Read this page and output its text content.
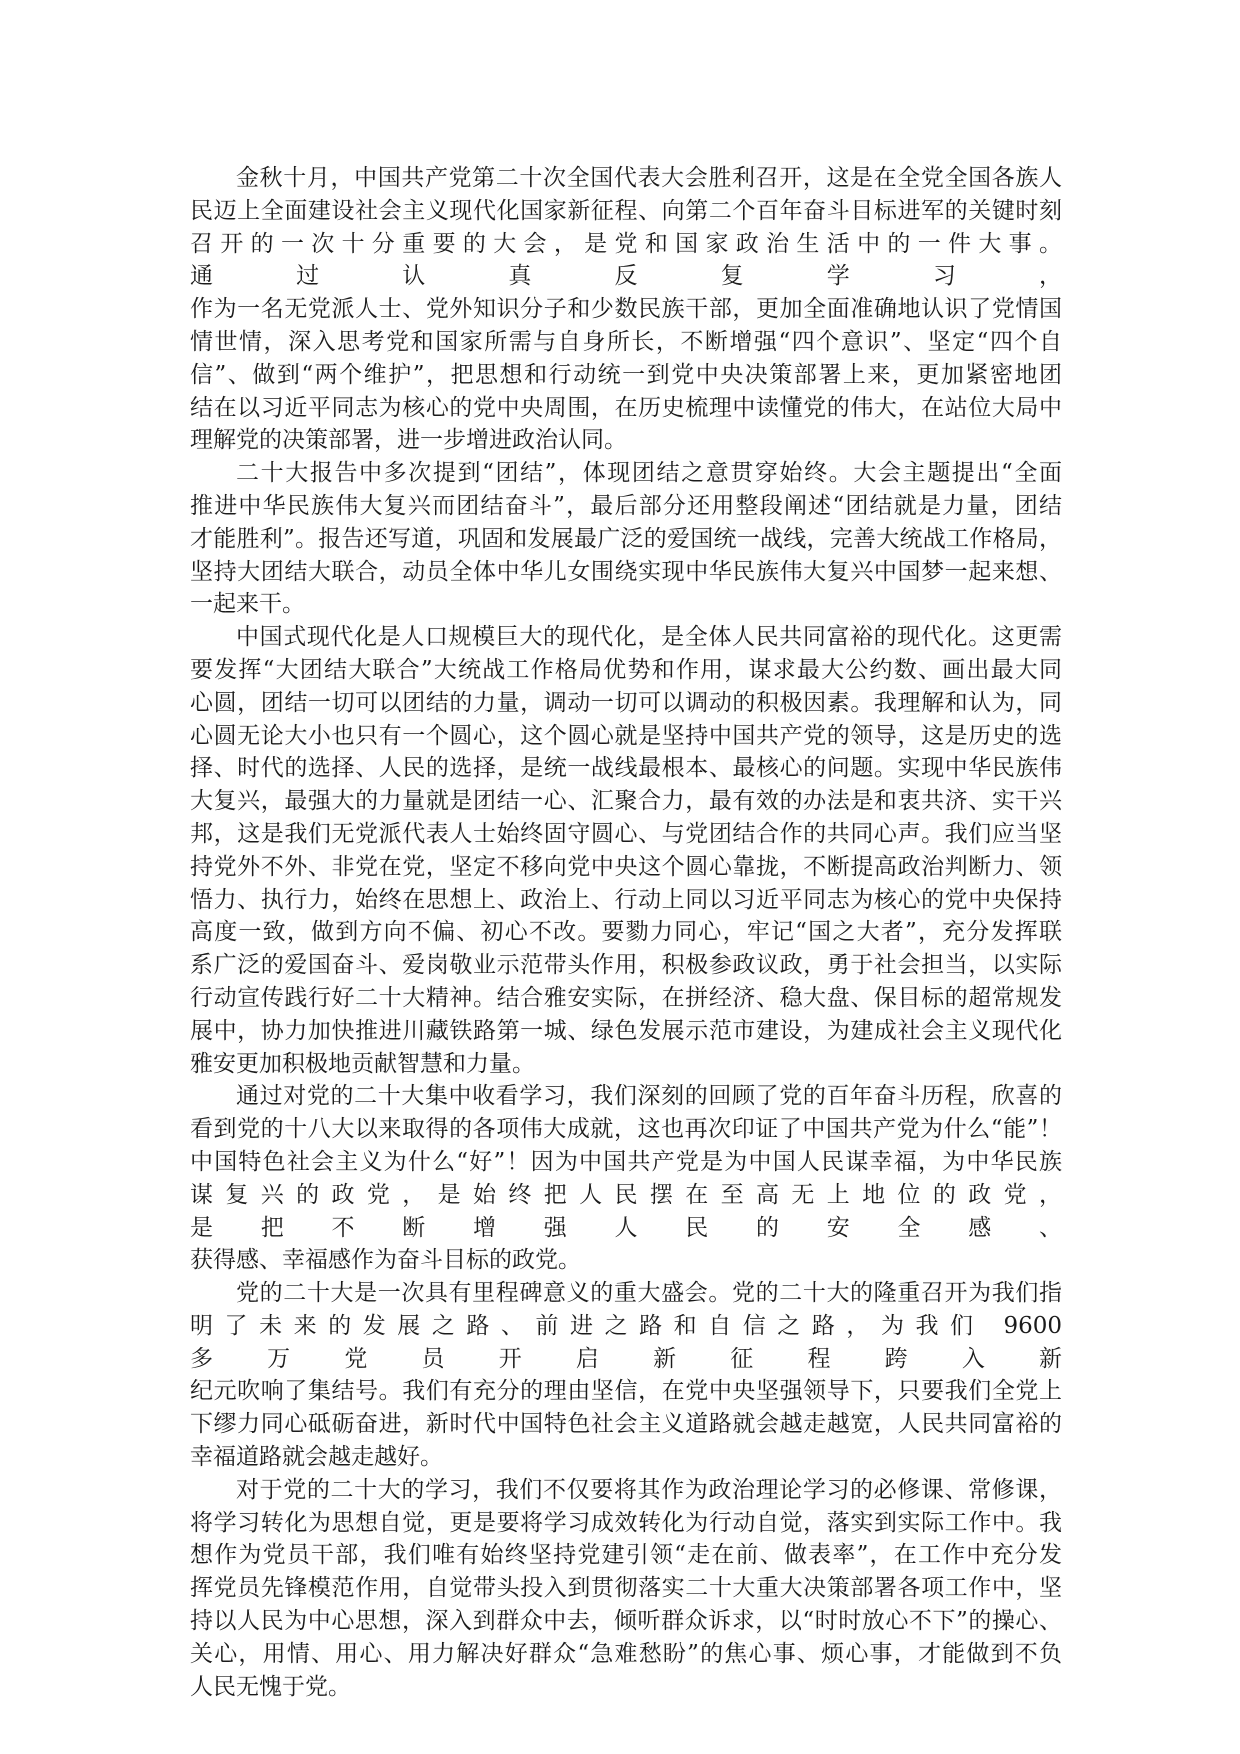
金秋十月，中国共产党第二十次全国代表大会胜利召开，这是在全党全国各族人
民迈上全面建设社会主义现代化国家新征程、向第二个百年奋斗目标进军的关键时刻
召开的一次十分重要的大会，是党和国家政治生活中的一件大事。通过认真反复学习，
作为一名无党派人士、党外知识分子和少数民族干部，更加全面准确地认识了党情国
情世情，深入思考党和国家所需与自身所长，不断增强“四个意识”、坚定“四个自
信”、做到“两个维护”，把思想和行动统一到党中央决策部署上来，更加紧密地团
结在以习近平同志为核心的党中央周围，在历史梳理中读懂党的伟大，在站位大局中
理解党的决策部署，进一步增进政治认同。
二十大报告中多次提到“团结”，体现团结之意贯穿始终。大会主题提出“全面
推进中华民族伟大复兴而团结奋斗”，最后部分还用整段阐述“团结就是力量，团结
才能胜利”。报告还写道，巩固和发展最广泛的爱国统一战线，完善大统战工作格局，
坚持大团结大联合，动员全体中华儿女围绕实现中华民族伟大复兴中国梦一起来想、
一起来干。
中国式现代化是人口规模巨大的现代化，是全体人民共同富裕的现代化。这更需
要发挥“大团结大联合”大统战工作格局优势和作用，谋求最大公约数、画出最大同
心圆，团结一切可以团结的力量，调动一切可以调动的积极因素。我理解和认为，同
心圆无论大小也只有一个圆心，这个圆心就是坚持中国共产党的领导，这是历史的选
择、时代的选择、人民的选择，是统一战线最根本、最核心的问题。实现中华民族伟
大复兴，最强大的力量就是团结一心、汇聚合力，最有效的办法是和衷共济、实干兴
邦，这是我们无党派代表人士始终固守圆心、与党团结合作的共同心声。我们应当坚
持党外不外、非党在党，坚定不移向党中央这个圆心靠拢，不断提高政治判断力、领
悟力、执行力，始终在思想上、政治上、行动上同以习近平同志为核心的党中央保持
高度一致，做到方向不偏、初心不改。要勠力同心，牢记“国之大者”，充分发挥联
系广泛的爱国奋斗、爱岗敬业示范带头作用，积极参政议政，勇于社会担当，以实际
行动宣传践行好二十大精神。结合雅安实际，在拼经济、稳大盘、保目标的超常规发
展中，协力加快推进川藏铁路第一城、绿色发展示范市建设，为建成社会主义现代化
雅安更加积极地贡献智慧和力量。
通过对党的二十大集中收看学习，我们深刻的回顾了党的百年奋斗历程，欣喜的
看到党的十八大以来取得的各项伟大成就，这也再次印证了中国共产党为什么“能”！
中国特色社会主义为什么“好”！因为中国共产党是为中国人民谋幸福，为中华民族
谋复兴的政党，是始终把人民摆在至高无上地位的政党，是把不断增强人民的安全感、
获得感、幸福感作为奋斗目标的政党。
党的二十大是一次具有里程碑意义的重大盛会。党的二十大的隆重召开为我们指
明了未来的发展之路、前进之路和自信之路，为我们 9600 多万党员开启新征程跨入新
纪元吹响了集结号。我们有充分的理由坚信，在党中央坚强领导下，只要我们全党上
下缪力同心砥砺奋进，新时代中国特色社会主义道路就会越走越宽，人民共同富裕的
幸福道路就会越走越好。
对于党的二十大的学习，我们不仅要将其作为政治理论学习的必修课、常修课，
将学习转化为思想自觉，更是要将学习成效转化为行动自觉，落实到实际工作中。我
想作为党员干部，我们唯有始终坚持党建引领“走在前、做表率”，在工作中充分发
挥党员先锋模范作用，自觉带头投入到贯彻落实二十大重大决策部署各项工作中，坚
持以人民为中心思想，深入到群众中去，倾听群众诉求，以“时时放心不下”的操心、
关心，用情、用心、用力解决好群众“急难愁盼”的焦心事、烦心事，才能做到不负
人民无愧于党。
